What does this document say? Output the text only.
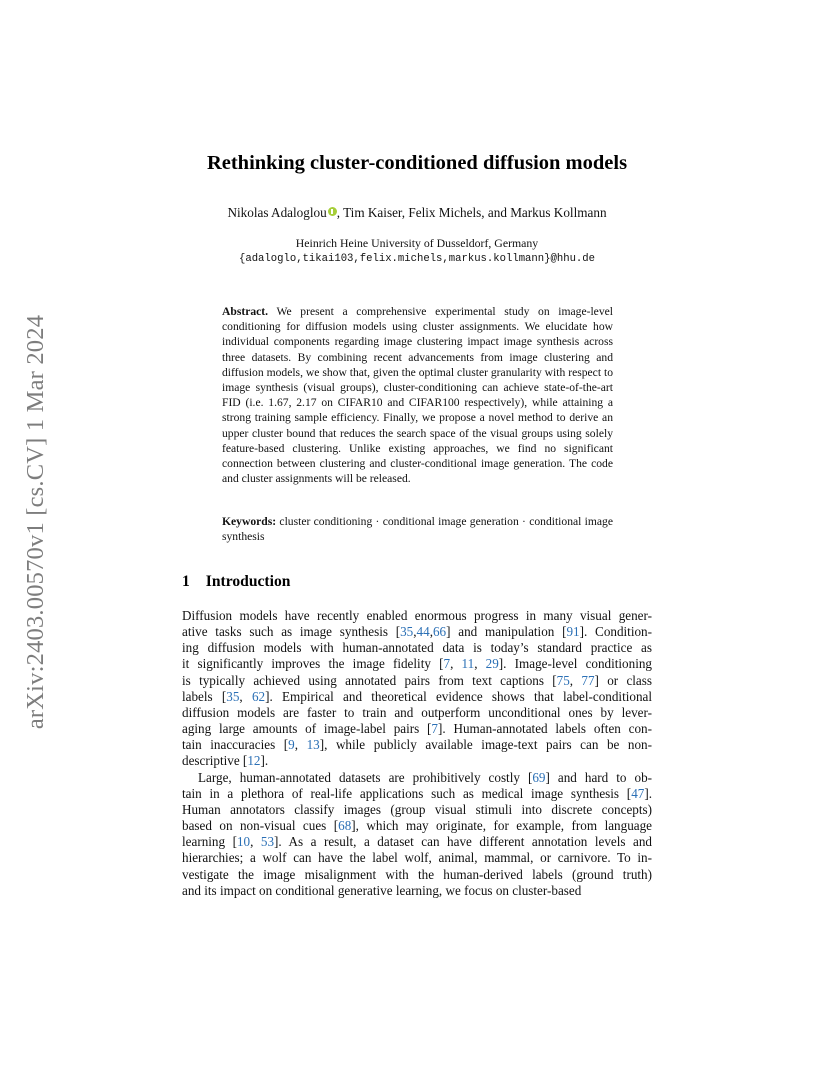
arXiv:2403.00570v1 [cs.CV] 1 Mar 2024
Rethinking cluster-conditioned diffusion models
Nikolas Adaloglou , Tim Kaiser, Felix Michels, and Markus Kollmann
Heinrich Heine University of Dusseldorf, Germany
{adaloglo,tikai103,felix.michels,markus.kollmann}@hhu.de
Abstract. We present a comprehensive experimental study on image-level conditioning for diffusion models using cluster assignments. We elucidate how individual components regarding image clustering impact image synthesis across three datasets. By combining recent advancements from image clustering and diffusion models, we show that, given the optimal cluster granularity with respect to image synthesis (visual groups), cluster-conditioning can achieve state-of-the-art FID (i.e. 1.67, 2.17 on CIFAR10 and CIFAR100 respectively), while attaining a strong training sample efficiency. Finally, we propose a novel method to derive an upper cluster bound that reduces the search space of the visual groups using solely feature-based clustering. Unlike existing approaches, we find no significant connection between clustering and cluster-conditional image generation. The code and cluster assignments will be released.
Keywords: cluster conditioning · conditional image generation · conditional image synthesis
1 Introduction
Diffusion models have recently enabled enormous progress in many visual gener-
ative tasks such as image synthesis [35,44,66] and manipulation [91]. Condition-
ing diffusion models with human-annotated data is today’s standard practice as
it significantly improves the image fidelity [7, 11, 29]. Image-level conditioning
is typically achieved using annotated pairs from text captions [75, 77] or class
labels [35, 62]. Empirical and theoretical evidence shows that label-conditional
diffusion models are faster to train and outperform unconditional ones by lever-
aging large amounts of image-label pairs [7]. Human-annotated labels often con-
tain inaccuracies [9, 13], while publicly available image-text pairs can be non-
descriptive [12].
Large, human-annotated datasets are prohibitively costly [69] and hard to ob-
tain in a plethora of real-life applications such as medical image synthesis [47].
Human annotators classify images (group visual stimuli into discrete concepts)
based on non-visual cues [68], which may originate, for example, from language
learning [10, 53]. As a result, a dataset can have different annotation levels and
hierarchies; a wolf can have the label wolf, animal, mammal, or carnivore. To in-
vestigate the image misalignment with the human-derived labels (ground truth)
and its impact on conditional generative learning, we focus on cluster-based
